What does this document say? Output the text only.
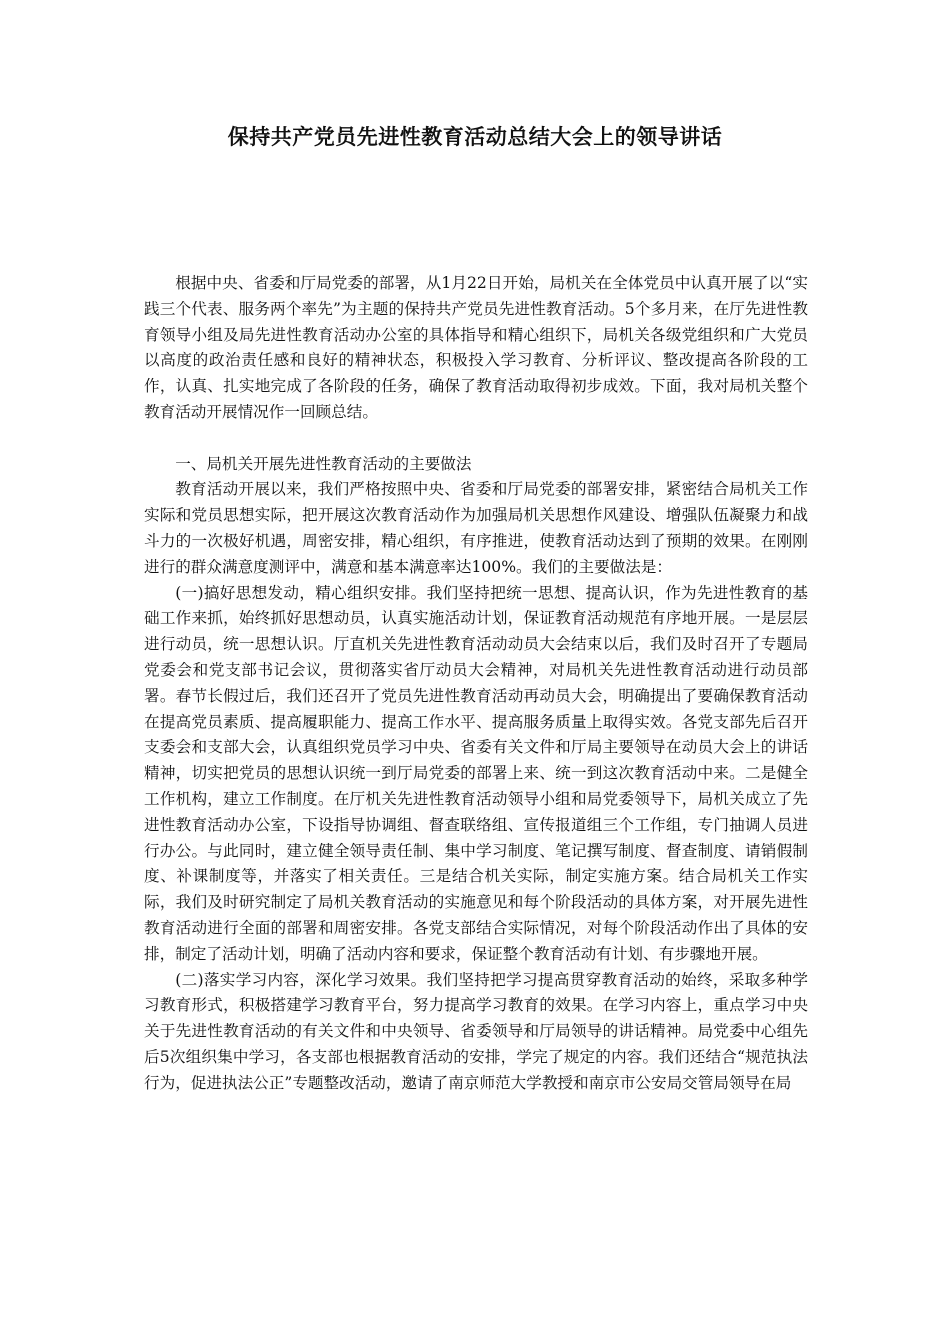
保持共产党员先进性教育活动总结大会上的领导讲话

根据中央、省委和厅局党委的部署，从1月22日开始，局机关在全体党员中认真开展了以“实践三个代表、服务两个率先”为主题的保持共产党员先进性教育活动。5个多月来，在厅先进性教育领导小组及局先进性教育活动办公室的具体指导和精心组织下，局机关各级党组织和广大党员以高度的政治责任感和良好的精神状态，积极投入学习教育、分析评议、整改提高各阶段的工作，认真、扎实地完成了各阶段的任务，确保了教育活动取得初步成效。下面，我对局机关整个教育活动开展情况作一回顾总结。

一、局机关开展先进性教育活动的主要做法

教育活动开展以来，我们严格按照中央、省委和厅局党委的部署安排，紧密结合局机关工作实际和党员思想实际，把开展这次教育活动作为加强局机关思想作风建设、增强队伍凝聚力和战斗力的一次极好机遇，周密安排，精心组织，有序推进，使教育活动达到了预期的效果。在刚刚进行的群众满意度测评中，满意和基本满意率达100%。我们的主要做法是：

(一)搞好思想发动，精心组织安排。我们坚持把统一思想、提高认识，作为先进性教育的基础工作来抓，始终抓好思想动员，认真实施活动计划，保证教育活动规范有序地开展。一是层层进行动员，统一思想认识。厅直机关先进性教育活动动员大会结束以后，我们及时召开了专题局党委会和党支部书记会议，贯彻落实省厅动员大会精神，对局机关先进性教育活动进行动员部署。春节长假过后，我们还召开了党员先进性教育活动再动员大会，明确提出了要确保教育活动在提高党员素质、提高履职能力、提高工作水平、提高服务质量上取得实效。各党支部先后召开支委会和支部大会，认真组织党员学习中央、省委有关文件和厅局主要领导在动员大会上的讲话精神，切实把党员的思想认识统一到厅局党委的部署上来、统一到这次教育活动中来。二是健全工作机构，建立工作制度。在厅机关先进性教育活动领导小组和局党委领导下，局机关成立了先进性教育活动办公室，下设指导协调组、督查联络组、宣传报道组三个工作组，专门抽调人员进行办公。与此同时，建立健全领导责任制、集中学习制度、笔记撰写制度、督查制度、请销假制度、补课制度等，并落实了相关责任。三是结合机关实际，制定实施方案。结合局机关工作实际，我们及时研究制定了局机关教育活动的实施意见和每个阶段活动的具体方案，对开展先进性教育活动进行全面的部署和周密安排。各党支部结合实际情况，对每个阶段活动作出了具体的安排，制定了活动计划，明确了活动内容和要求，保证整个教育活动有计划、有步骤地开展。

(二)落实学习内容，深化学习效果。我们坚持把学习提高贯穿教育活动的始终，采取多种学习教育形式，积极搭建学习教育平台，努力提高学习教育的效果。在学习内容上，重点学习中央关于先进性教育活动的有关文件和中央领导、省委领导和厅局领导的讲话精神。局党委中心组先后5次组织集中学习，各支部也根据教育活动的安排，学完了规定的内容。我们还结合“规范执法行为，促进执法公正”专题整改活动，邀请了南京师范大学教授和南京市公安局交管局领导在局
